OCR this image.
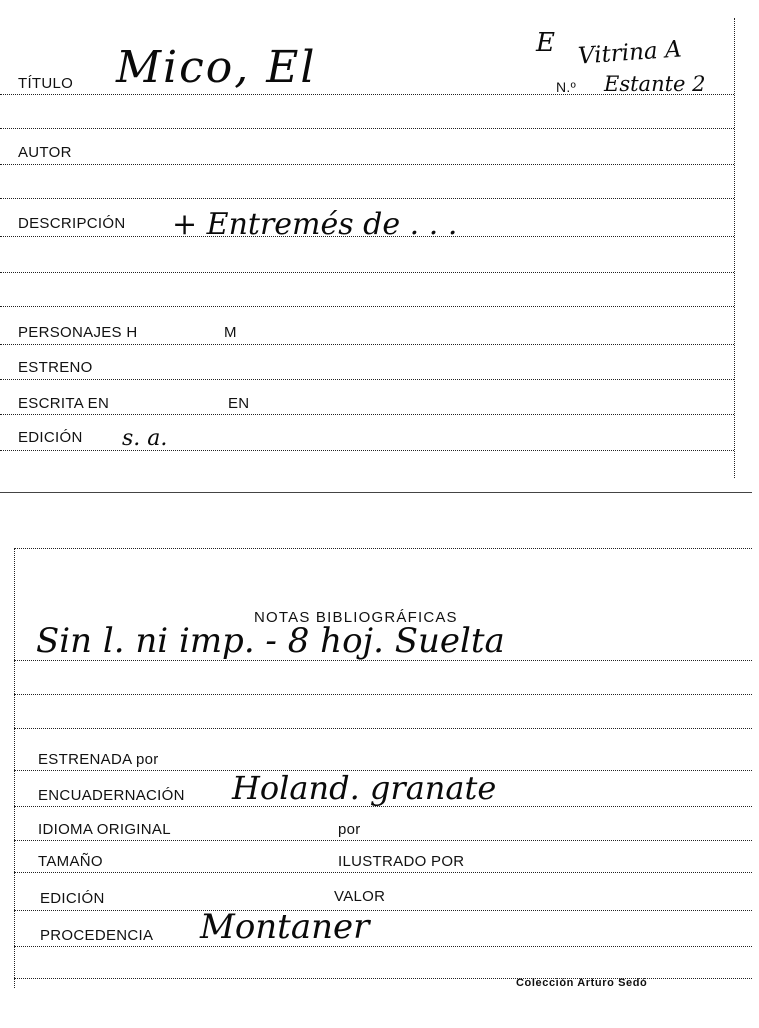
TÍTULO Mico, El	E Vitrina A
N.º Estante 2
AUTOR
DESCRIPCIÓN + Entremés de . . .
PERSONAJES H	M
ESTRENO
ESCRITA EN	EN
EDICIÓN s. a.
NOTAS BIBLIOGRÁFICAS
Sin l. ni imp. - 8 hoj. Suelta
ESTRENADA por
ENCUADERNACIÓN Holand. granate
IDIOMA ORIGINAL	por
TAMAÑO	ILUSTRADO POR
EDICIÓN	VALOR
PROCEDENCIA Montaner
Colección Arturo Sedó
